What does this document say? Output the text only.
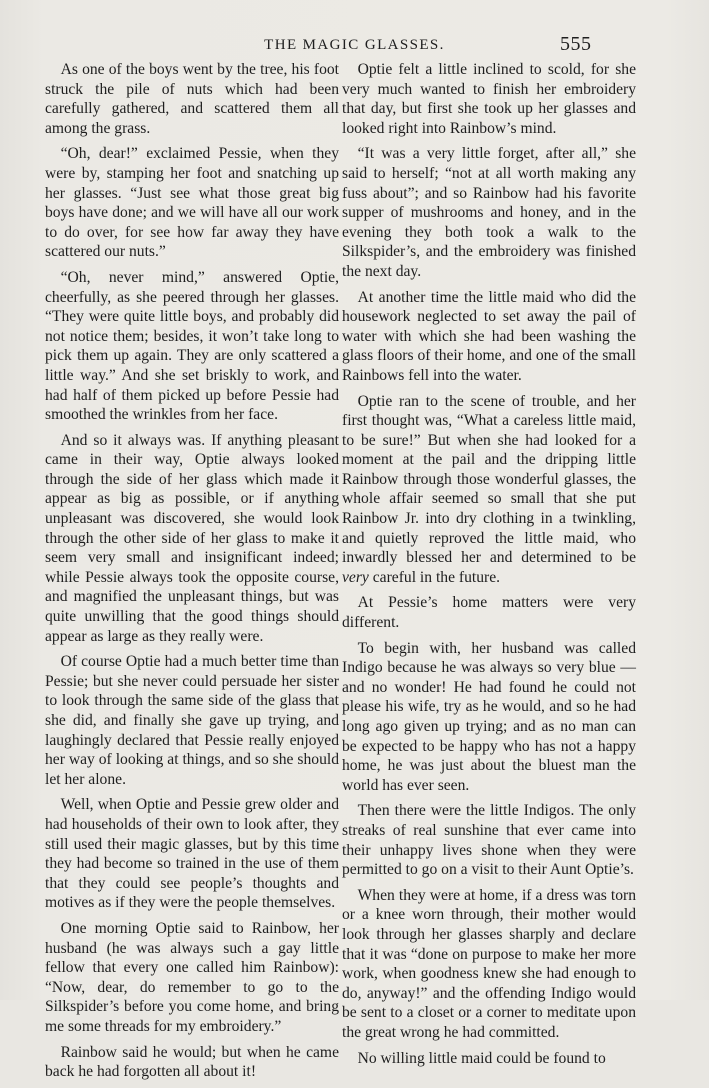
THE MAGIC GLASSES.	555

As one of the boys went by the tree, his foot struck the pile of nuts which had been carefully gathered, and scattered them all among the grass.

“Oh, dear!” exclaimed Pessie, when they were by, stamping her foot and snatching up her glasses. “Just see what those great big boys have done; and we will have all our work to do over, for see how far away they have scattered our nuts.”

“Oh, never mind,” answered Optie, cheerfully, as she peered through her glasses. “They were quite little boys, and probably did not notice them; besides, it won’t take long to pick them up again. They are only scattered a little way.” And she set briskly to work, and had half of them picked up before Pessie had smoothed the wrinkles from her face.

And so it always was. If anything pleasant came in their way, Optie always looked through the side of her glass which made it appear as big as possible, or if anything unpleasant was discovered, she would look through the other side of her glass to make it seem very small and insignificant indeed; while Pessie always took the opposite course, and magnified the unpleasant things, but was quite unwilling that the good things should appear as large as they really were.

Of course Optie had a much better time than Pessie; but she never could persuade her sister to look through the same side of the glass that she did, and finally she gave up trying, and laughingly declared that Pessie really enjoyed her way of looking at things, and so she should let her alone.

Well, when Optie and Pessie grew older and had households of their own to look after, they still used their magic glasses, but by this time they had become so trained in the use of them that they could see people’s thoughts and motives as if they were the people themselves.

One morning Optie said to Rainbow, her husband (he was always such a gay little fellow that every one called him Rainbow): “Now, dear, do remember to go to the Silkspider’s before you come home, and bring me some threads for my embroidery.”

Rainbow said he would; but when he came back he had forgotten all about it!

Optie felt a little inclined to scold, for she very much wanted to finish her embroidery that day, but first she took up her glasses and looked right into Rainbow’s mind.

“It was a very little forget, after all,” she said to herself; “not at all worth making any fuss about”; and so Rainbow had his favorite supper of mushrooms and honey, and in the evening they both took a walk to the Silkspider’s, and the embroidery was finished the next day.

At another time the little maid who did the housework neglected to set away the pail of water with which she had been washing the glass floors of their home, and one of the small Rainbows fell into the water.

Optie ran to the scene of trouble, and her first thought was, “What a careless little maid, to be sure!” But when she had looked for a moment at the pail and the dripping little Rainbow through those wonderful glasses, the whole affair seemed so small that she put Rainbow Jr. into dry clothing in a twinkling, and quietly reproved the little maid, who inwardly blessed her and determined to be very careful in the future.

At Pessie’s home matters were very different.

To begin with, her husband was called Indigo because he was always so very blue — and no wonder! He had found he could not please his wife, try as he would, and so he had long ago given up trying; and as no man can be expected to be happy who has not a happy home, he was just about the bluest man the world has ever seen.

Then there were the little Indigos. The only streaks of real sunshine that ever came into their unhappy lives shone when they were permitted to go on a visit to their Aunt Optie’s.

When they were at home, if a dress was torn or a knee worn through, their mother would look through her glasses sharply and declare that it was “done on purpose to make her more work, when goodness knew she had enough to do, anyway!” and the offending Indigo would be sent to a closet or a corner to meditate upon the great wrong he had committed.

No willing little maid could be found to
